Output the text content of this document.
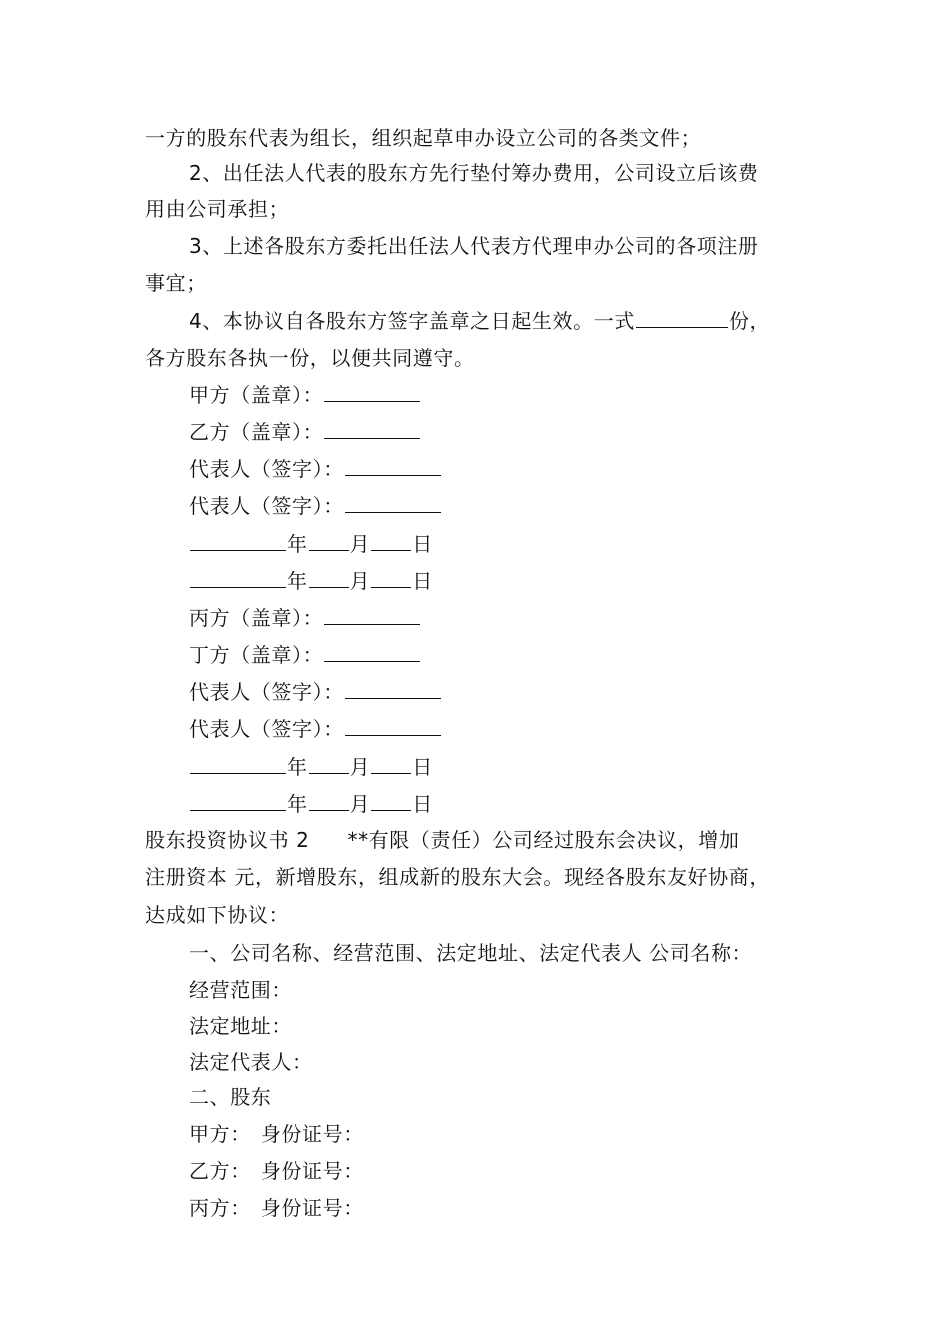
一方的股东代表为组长，组织起草申办设立公司的各类文件；
2、出任法人代表的股东方先行垫付筹办费用，公司设立后该费
用由公司承担；
3、上述各股东方委托出任法人代表方代理申办公司的各项注册
事宜；
4、本协议自各股东方签字盖章之日起生效。一式	份，
各方股东各执一份，以便共同遵守。
甲方（盖章）：
乙方（盖章）：
代表人（签字）：
代表人（签字）：
年 月 日
年 月 日
丙方（盖章）：
丁方（盖章）：
代表人（签字）：
代表人（签字）：
年 月 日
年 月 日
股东投资协议书 2 **有限（责任）公司经过股东会决议，增加
注册资本 元，新增股东，组成新的股东大会。现经各股东友好协商，
达成如下协议：
一、公司名称、经营范围、法定地址、法定代表人 公司名称：
经营范围：
法定地址：
法定代表人：
二、股东
甲方： 身份证号：
乙方： 身份证号：
丙方： 身份证号：
